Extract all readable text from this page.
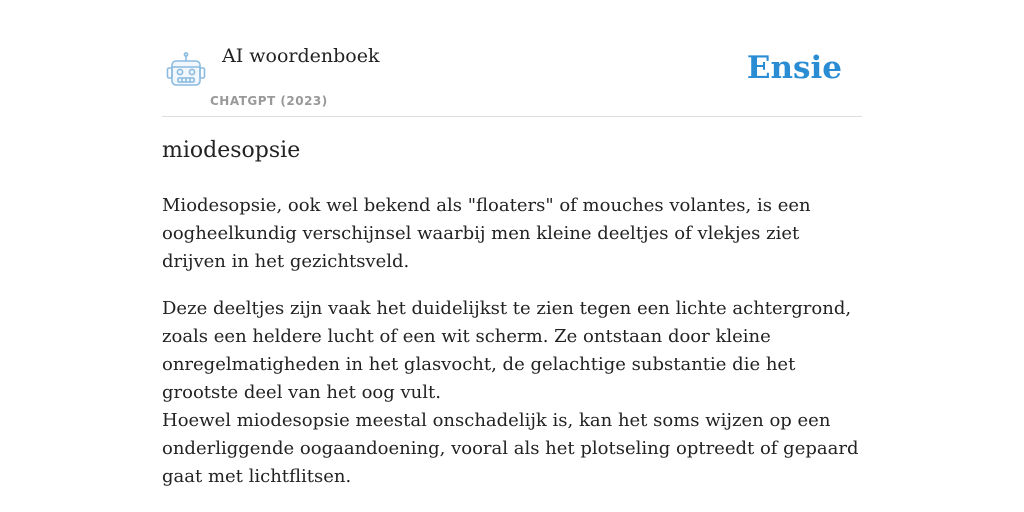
AI woordenboek
CHATGPT (2023)
Ensie
miodesopsie

Miodesopsie, ook wel bekend als "floaters" of mouches volantes, is een oogheelkundig verschijnsel waarbij men kleine deeltjes of vlekjes ziet drijven in het gezichtsveld.

Deze deeltjes zijn vaak het duidelijkst te zien tegen een lichte achtergrond, zoals een heldere lucht of een wit scherm. Ze ontstaan door kleine onregelmatigheden in het glasvocht, de gelachtige substantie die het grootste deel van het oog vult.

Hoewel miodesopsie meestal onschadelijk is, kan het soms wijzen op een onderliggende oogaandoening, vooral als het plotseling optreedt of gepaard gaat met lichtflitsen.
